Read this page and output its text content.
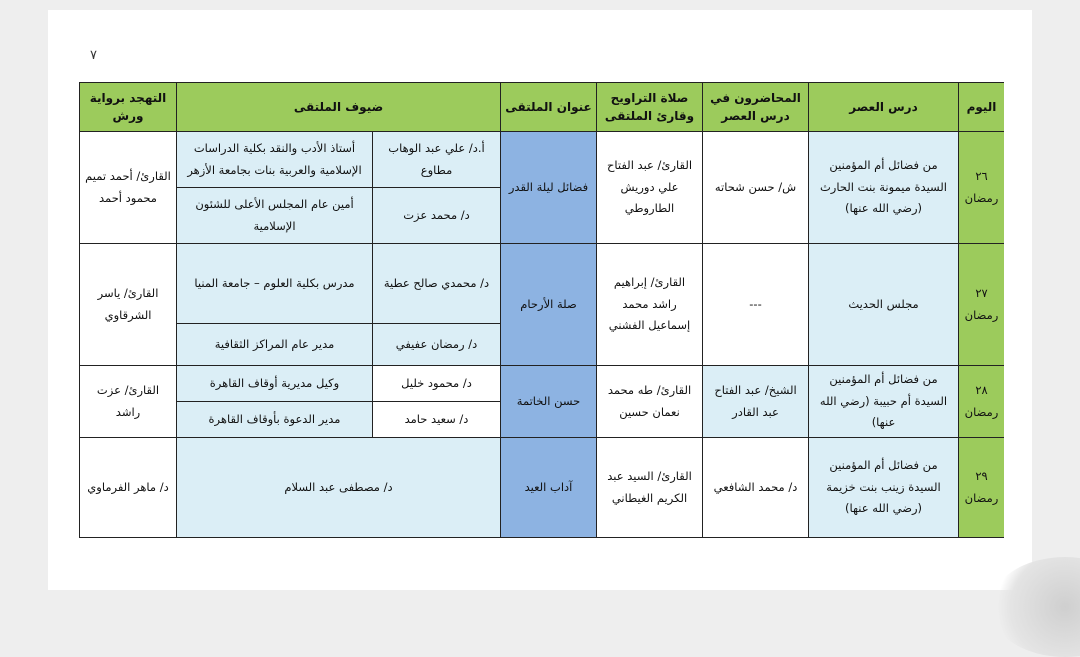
٧
اليوم	درس العصر	المحاضرون في درس العصر	صلاة التراويح وقارئ الملتقى	عنوان الملتقى	ضيوف الملتقى		التهجد برواية ورش
٢٦ رمضان	من فضائل أم المؤمنين السيدة ميمونة بنت الحارث (رضي الله عنها)	ش/ حسن شحاته	القارئ/ عبد الفتاح علي دوريش الطاروطي	فضائل ليلة القدر	أ.د/ علي عبد الوهاب مطاوع	أستاذ الأدب والنقد بكلية الدراسات الإسلامية والعربية بنات بجامعة الأزهر	القارئ/ أحمد تميم محمود أحمد
					د/ محمد عزت	أمين عام المجلس الأعلى للشئون الإسلامية	
٢٧ رمضان	مجلس الحديث	---	القارئ/ إبراهيم راشد محمد إسماعيل الفشني	صلة الأرحام	د/ محمدي صالح عطية	مدرس بكلية العلوم – جامعة المنيا	القارئ/ ياسر الشرقاوي
					د/ رمضان عفيفي	مدير عام المراكز الثقافية	
٢٨ رمضان	من فضائل أم المؤمنين السيدة أم حبيبة (رضي الله عنها)	الشيخ/ عبد الفتاح عبد القادر	القارئ/ طه محمد نعمان حسين	حسن الخاتمة	د/ محمود خليل	وكيل مديرية أوقاف القاهرة	القارئ/ عزت راشد
					د/ سعيد حامد	مدير الدعوة بأوقاف القاهرة	
٢٩ رمضان	من فضائل أم المؤمنين السيدة زينب بنت خزيمة (رضي الله عنها)	د/ محمد الشافعي	القارئ/ السيد عبد الكريم الغيطاني	آداب العيد	د/ مصطفى عبد السلام		د/ ماهر الفرماوي
